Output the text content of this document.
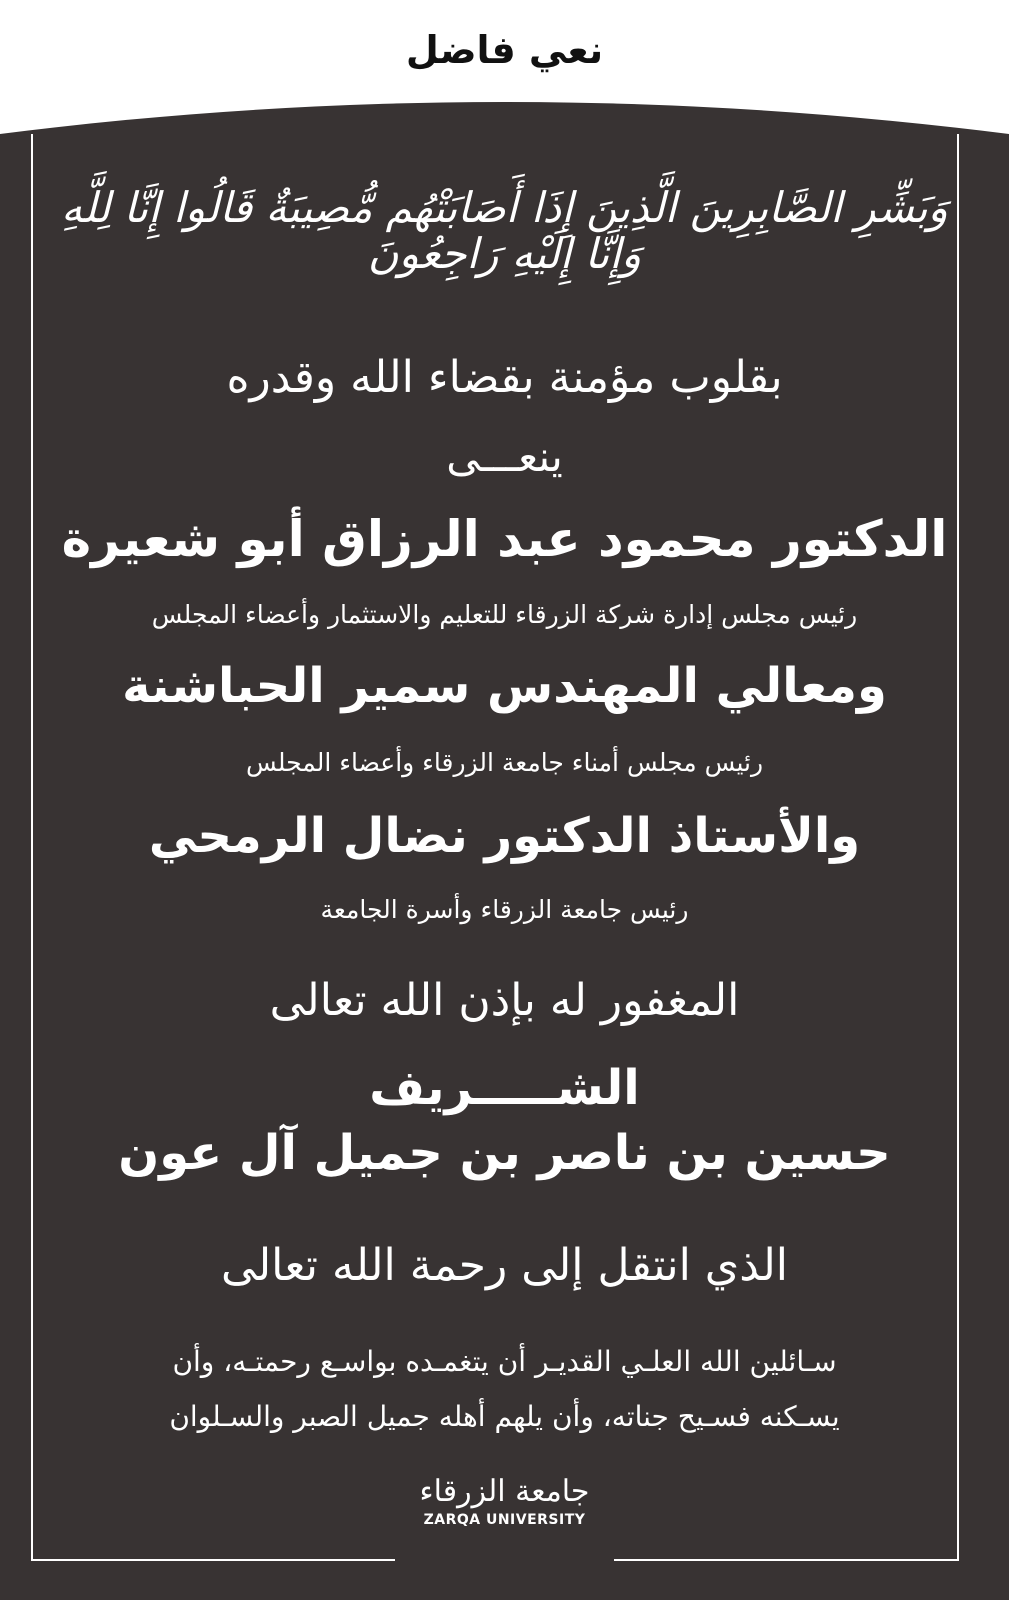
نعي فاضل
وَبَشِّرِ الصَّابِرِينَ الَّذِينَ إِذَا أَصَابَتْهُم مُّصِيبَةٌ قَالُوا إِنَّا لِلَّهِ وَإِنَّا إِلَيْهِ رَاجِعُونَ
بقلوب مؤمنة بقضاء الله وقدره
ينعـــى
الدكتور محمود عبد الرزاق أبو شعيرة
رئيس مجلس إدارة شركة الزرقاء للتعليم والاستثمار وأعضاء المجلس
ومعالي المهندس سمير الحباشنة
رئيس مجلس أمناء جامعة الزرقاء وأعضاء المجلس
والأستاذ الدكتور نضال الرمحي
رئيس جامعة الزرقاء وأسرة الجامعة
المغفور له بإذن الله تعالى
الشـــــريف
حسين بن ناصر بن جميل آل عون
الذي انتقل إلى رحمة الله تعالى
سـائلين الله العلـي القديـر أن يتغمـده بواسـع رحمتـه، وأن
يسـكنه فسـيح جناته، وأن يلهم أهله جميل الصبر والسـلوان
جامعة الزرقاء
ZARQA UNIVERSITY
